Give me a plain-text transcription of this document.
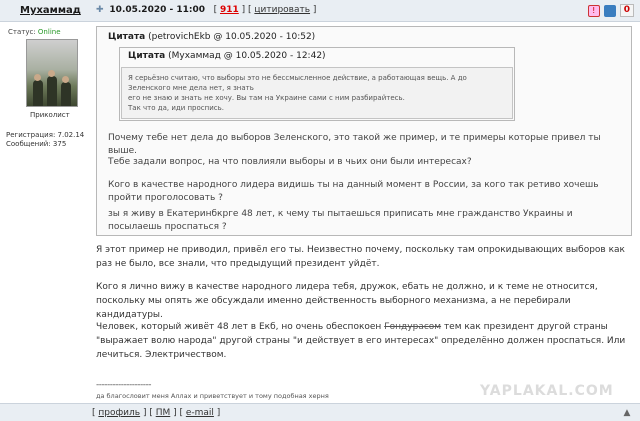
Мухаммад ✚ 10.05.2020 - 11:00   [ 911 ] [ цитировать ]	!	0
Статус: Online
Приколист
Регистрация: 7.02.14
Сообщений: 375
Цитата (petrovichEkb @ 10.05.2020 - 10:52)
Цитата (Мухаммад @ 10.05.2020 - 12:42)
Я серьёзно считаю, что выборы это не бессмысленное действие, а работающая вещь. А до Зеленского мне дела нет, я знать
его не знаю и знать не хочу. Вы там на Украине сами с ним разбирайтесь.
Так что да, иди проспись.
Почему тебе нет дела до выборов Зеленского, это такой же пример, и те примеры которые привел ты выше.
Тебе задали вопрос, на что повлияли выборы и в чьих они были интересах?
Кого в качестве народного лидера видишь ты на данный момент в России, за кого так ретиво хочешь пройти проголосовать ?
зы я живу в Екатеринбкрге 48 лет, к чему ты пытаешься приписать мне гражданство Украины и посылаешь проспаться ?
Я этот пример не приводил, привёл его ты. Неизвестно почему, поскольку там опрокидывающих выборов как раз не было, все знали, что предыдущий президент уйдёт.
Кого я лично вижу в качестве народного лидера тебя, дружок, ебать не должно, и к теме не относится, поскольку мы опять же обсуждали именно действенность выборного механизма, а не перебирали кандидатуры.
Человек, который живёт 48 лет в Екб, но очень обеспокоен Гондурасом тем как президент другой страны "выражает волю народа" другой страны "и действует в его интересах" определённо должен проспаться. Или лечиться. Электричеством.
--------------------
да благословит меня Аллах и приветствует и тому подобная херня	YAPLAKAL.COM
[ профиль ] [ ПМ ] [ e-mail ]	▲
